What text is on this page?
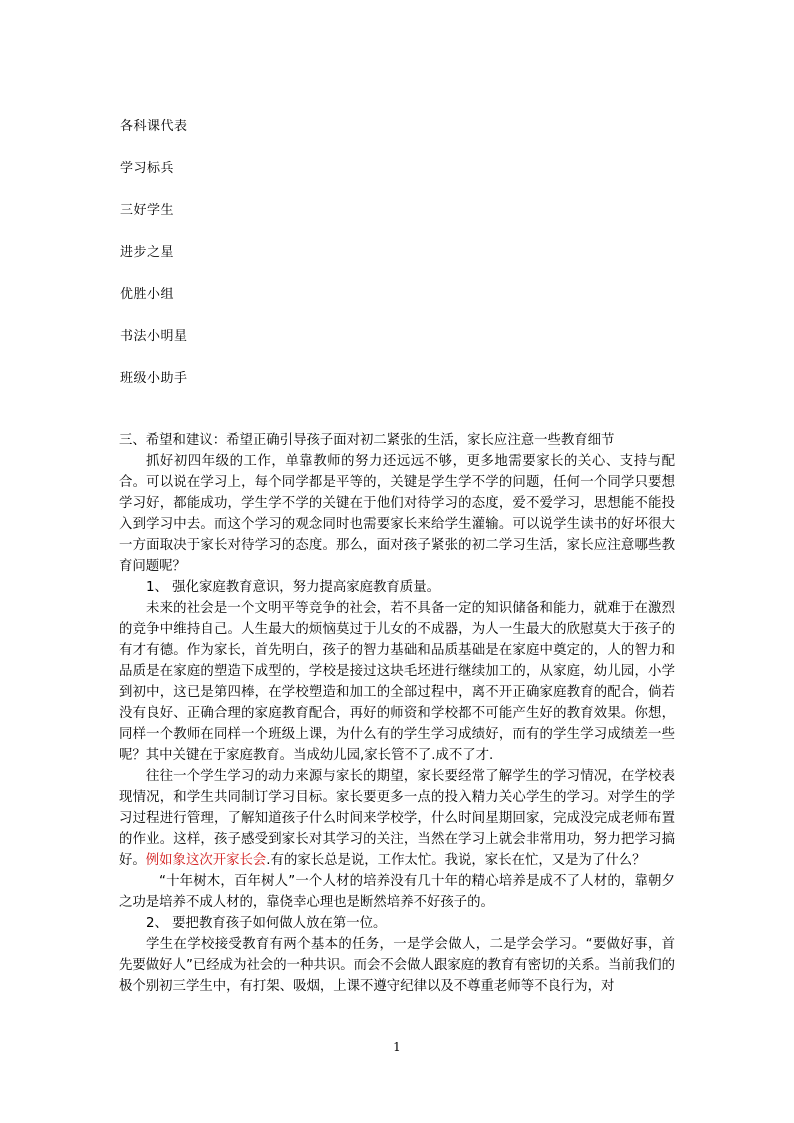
各科课代表
学习标兵
三好学生
进步之星
优胜小组
书法小明星
班级小助手

三、希望和建议：希望正确引导孩子面对初二紧张的生活，家长应注意一些教育细节

抓好初四年级的工作，单靠教师的努力还远远不够，更多地需要家长的关心、支持与配合。可以说在学习上，每个同学都是平等的，关键是学生学不学的问题，任何一个同学只要想学习好，都能成功，学生学不学的关键在于他们对待学习的态度，爱不爱学习，思想能不能投入到学习中去。而这个学习的观念同时也需要家长来给学生灌输。可以说学生读书的好坏很大一方面取决于家长对待学习的态度。那么，面对孩子紧张的初二学习生活，家长应注意哪些教育问题呢？

1、 强化家庭教育意识，努力提高家庭教育质量。

未来的社会是一个文明平等竞争的社会，若不具备一定的知识储备和能力，就难于在激烈的竞争中维持自己。人生最大的烦恼莫过于儿女的不成器，为人一生最大的欣慰莫大于孩子的有才有德。作为家长，首先明白，孩子的智力基础和品质基础是在家庭中奠定的，人的智力和品质是在家庭的塑造下成型的，学校是接过这块毛坯进行继续加工的，从家庭，幼儿园，小学到初中，这已是第四棒，在学校塑造和加工的全部过程中，离不开正确家庭教育的配合，倘若没有良好、正确合理的家庭教育配合，再好的师资和学校都不可能产生好的教育效果。你想，同样一个教师在同样一个班级上课，为什么有的学生学习成绩好，而有的学生学习成绩差一些呢？其中关键在于家庭教育。当成幼儿园,家长管不了.成不了才.

往往一个学生学习的动力来源与家长的期望，家长要经常了解学生的学习情况，在学校表现情况，和学生共同制订学习目标。家长要更多一点的投入精力关心学生的学习。对学生的学习过程进行管理，了解知道孩子什么时间来学校学，什么时间星期回家，完成没完成老师布置的作业。这样，孩子感受到家长对其学习的关注，当然在学习上就会非常用功，努力把学习搞好。例如象这次开家长会.有的家长总是说，工作太忙。我说，家长在忙，又是为了什么？

“十年树木，百年树人”一个人材的培养没有几十年的精心培养是成不了人材的，靠朝夕之功是培养不成人材的，靠侥幸心理也是断然培养不好孩子的。

2、 要把教育孩子如何做人放在第一位。

学生在学校接受教育有两个基本的任务，一是学会做人，二是学会学习。“要做好事，首先要做好人”已经成为社会的一种共识。而会不会做人跟家庭的教育有密切的关系。当前我们的极个别初三学生中，有打架、吸烟，上课不遵守纪律以及不尊重老师等不良行为，对

1
